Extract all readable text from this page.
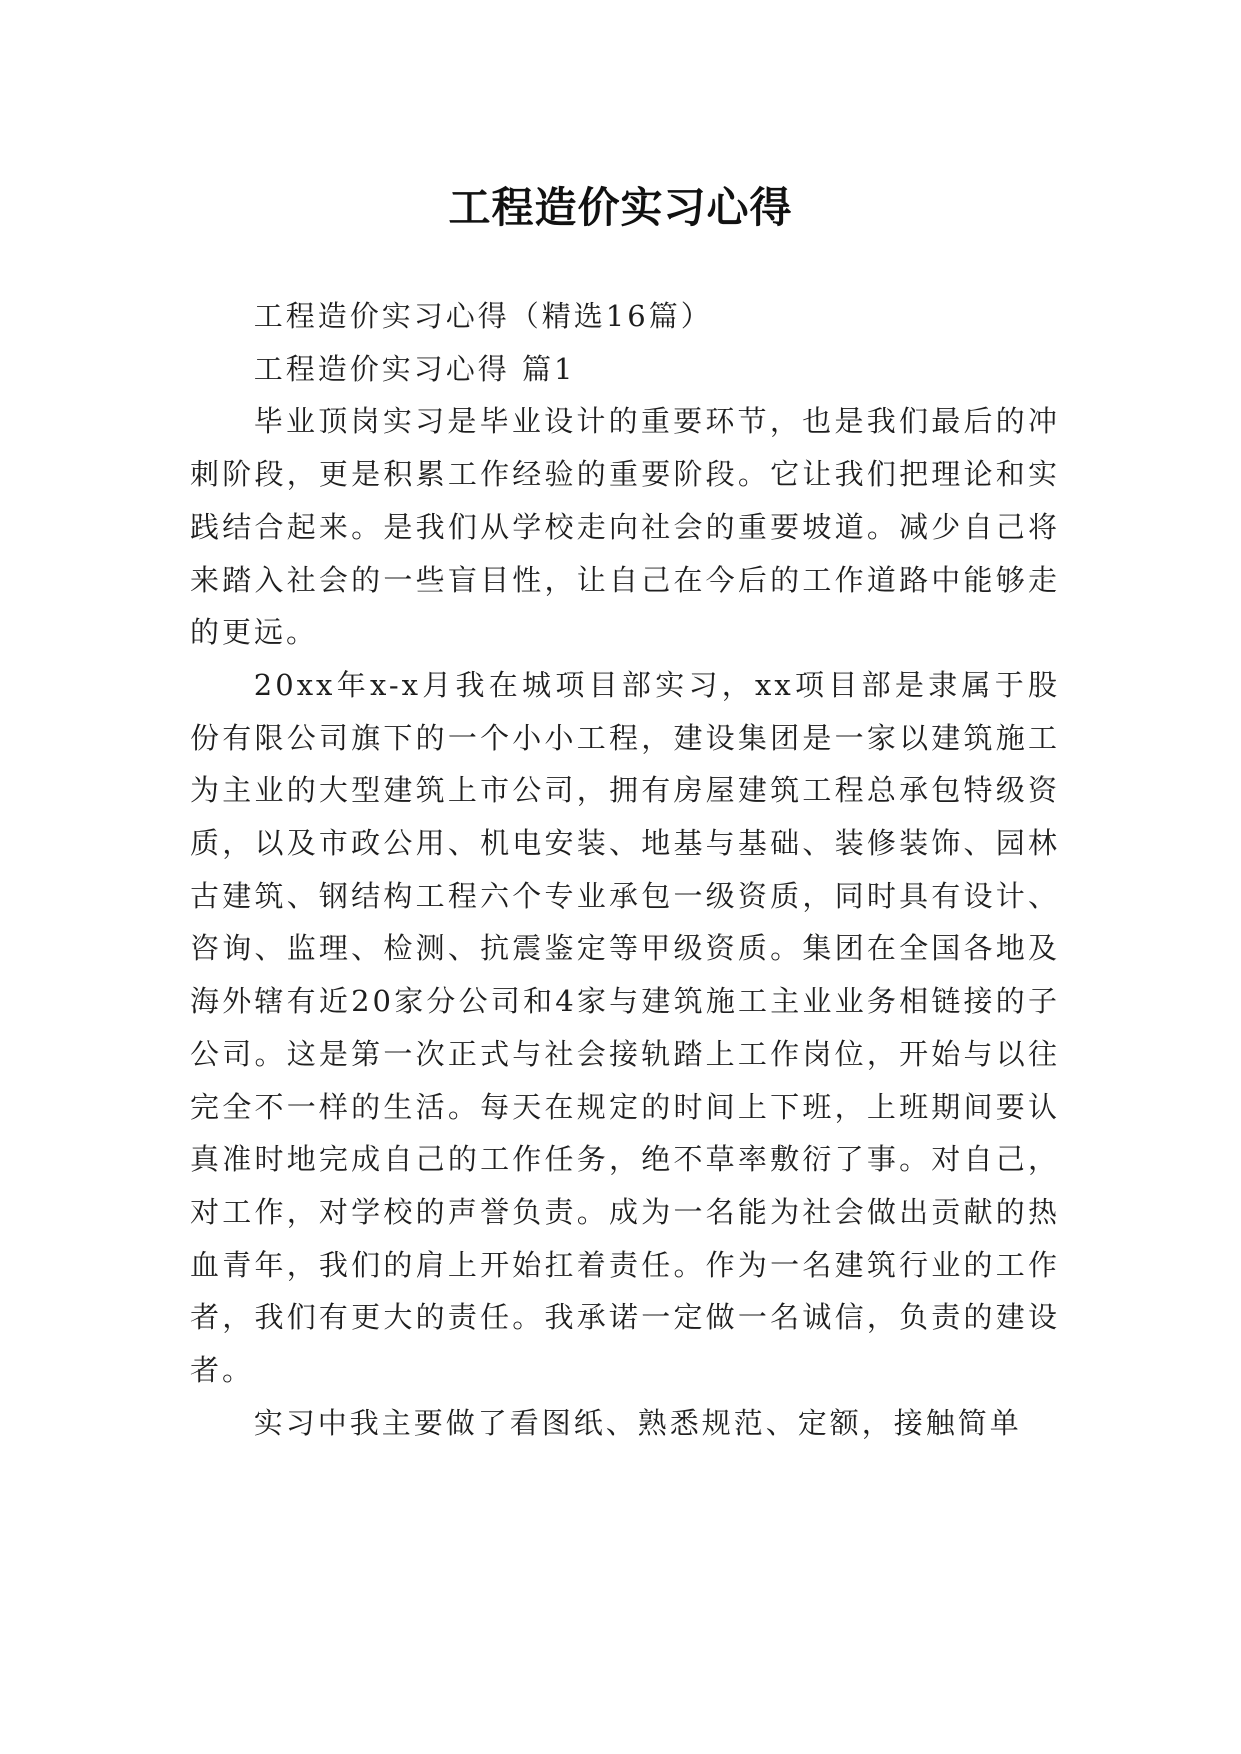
工程造价实习心得

工程造价实习心得（精选16篇）

工程造价实习心得 篇1

毕业顶岗实习是毕业设计的重要环节，也是我们最后的冲刺阶段，更是积累工作经验的重要阶段。它让我们把理论和实践结合起来。是我们从学校走向社会的重要坡道。减少自己将来踏入社会的一些盲目性，让自己在今后的工作道路中能够走的更远。

20xx年x-x月我在城项目部实习，xx项目部是隶属于股份有限公司旗下的一个小小工程，建设集团是一家以建筑施工为主业的大型建筑上市公司，拥有房屋建筑工程总承包特级资质，以及市政公用、机电安装、地基与基础、装修装饰、园林古建筑、钢结构工程六个专业承包一级资质，同时具有设计、咨询、监理、检测、抗震鉴定等甲级资质。集团在全国各地及海外辖有近20家分公司和4家与建筑施工主业业务相链接的子公司。这是第一次正式与社会接轨踏上工作岗位，开始与以往完全不一样的生活。每天在规定的时间上下班，上班期间要认真准时地完成自己的工作任务，绝不草率敷衍了事。对自己，对工作，对学校的声誉负责。成为一名能为社会做出贡献的热血青年，我们的肩上开始扛着责任。作为一名建筑行业的工作者，我们有更大的责任。我承诺一定做一名诚信，负责的建设者。

实习中我主要做了看图纸、熟悉规范、定额，接触简单
